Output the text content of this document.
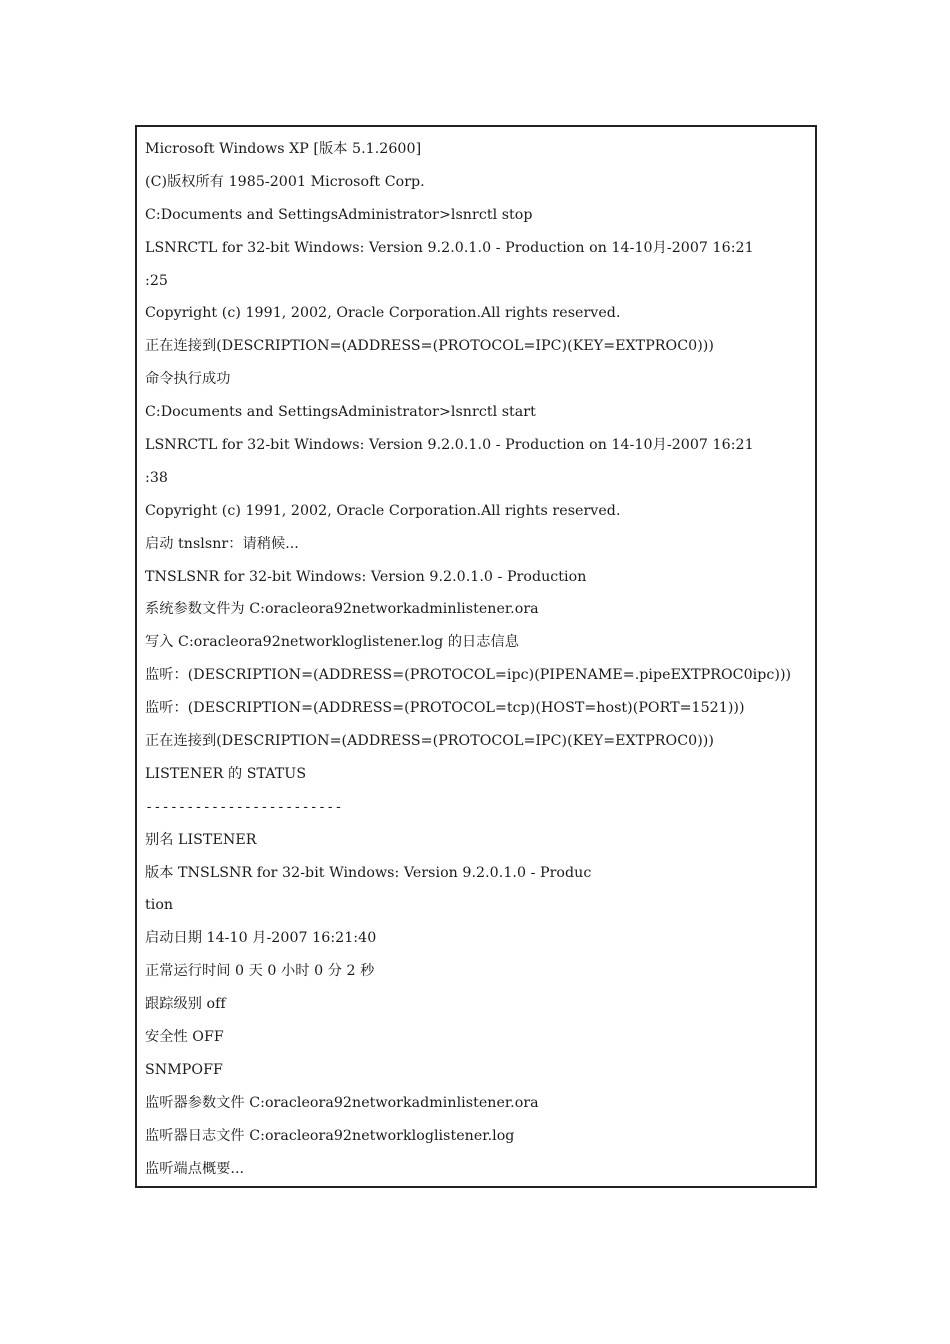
Microsoft Windows XP [版本 5.1.2600]
(C)版权所有 1985-2001 Microsoft Corp.
C:Documents and SettingsAdministrator>lsnrctl stop
LSNRCTL for 32-bit Windows: Version 9.2.0.1.0 - Production on 14-10月-2007 16:21
:25
Copyright (c) 1991, 2002, Oracle Corporation.All rights reserved.
正在连接到(DESCRIPTION=(ADDRESS=(PROTOCOL=IPC)(KEY=EXTPROC0)))
命令执行成功
C:Documents and SettingsAdministrator>lsnrctl start
LSNRCTL for 32-bit Windows: Version 9.2.0.1.0 - Production on 14-10月-2007 16:21
:38
Copyright (c) 1991, 2002, Oracle Corporation.All rights reserved.
启动 tnslsnr：请稍候...
TNSLSNR for 32-bit Windows: Version 9.2.0.1.0 - Production
系统参数文件为 C:oracleora92networkadminlistener.ora
写入 C:oracleora92networkloglistener.log 的日志信息
监听：(DESCRIPTION=(ADDRESS=(PROTOCOL=ipc)(PIPENAME=.pipeEXTPROC0ipc)))
监听：(DESCRIPTION=(ADDRESS=(PROTOCOL=tcp)(HOST=host)(PORT=1521)))
正在连接到(DESCRIPTION=(ADDRESS=(PROTOCOL=IPC)(KEY=EXTPROC0)))
LISTENER 的 STATUS
------------------------
别名 LISTENER
版本 TNSLSNR for 32-bit Windows: Version 9.2.0.1.0 - Produc
tion
启动日期 14-10 月-2007 16:21:40
正常运行时间 0 天 0 小时 0 分 2 秒
跟踪级别 off
安全性 OFF
SNMPOFF
监听器参数文件 C:oracleora92networkadminlistener.ora
监听器日志文件 C:oracleora92networkloglistener.log
监听端点概要...
